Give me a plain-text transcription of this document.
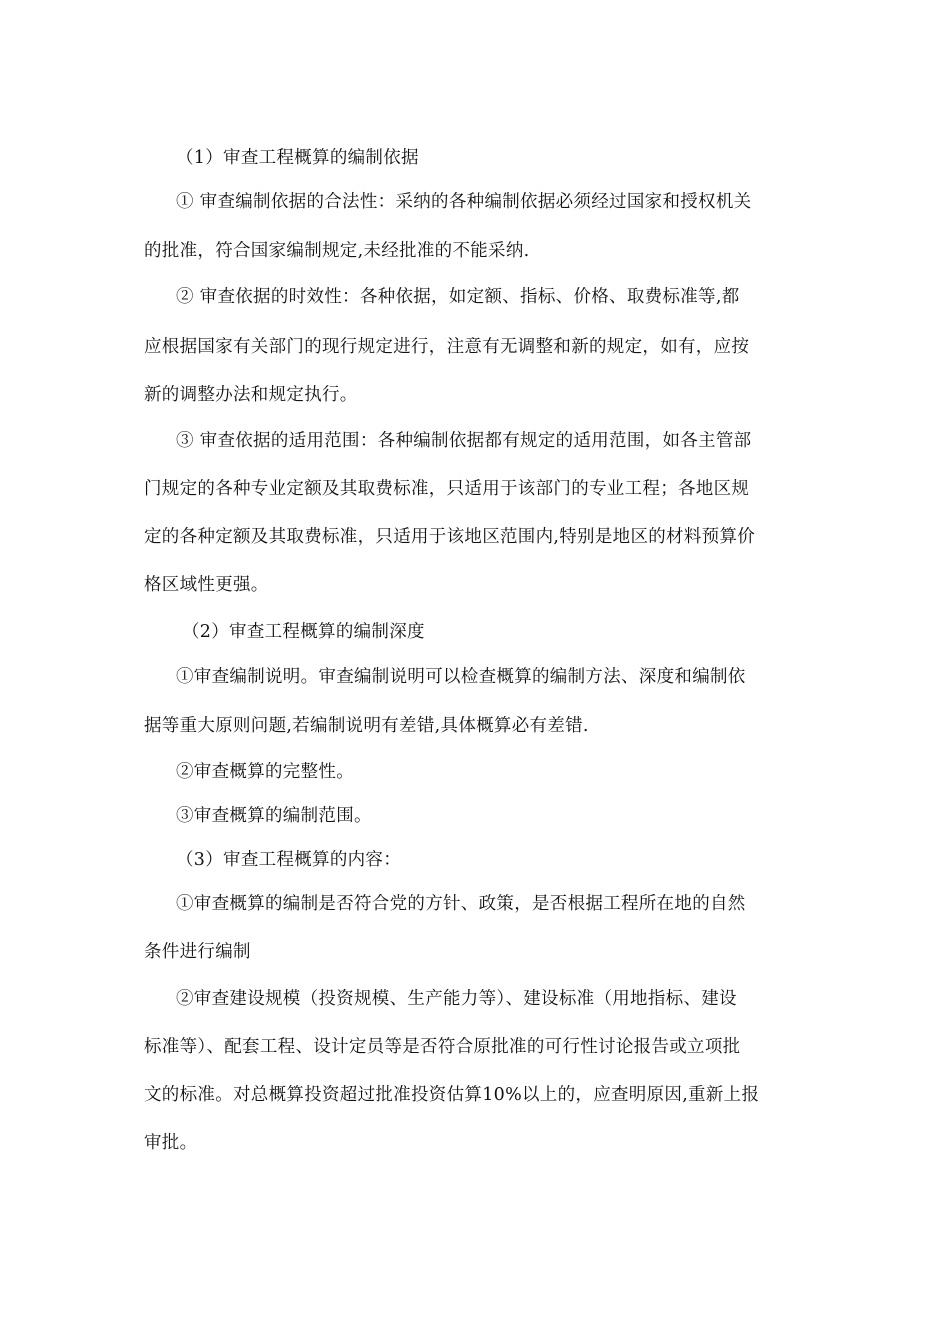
（1）审查工程概算的编制依据
① 审查编制依据的合法性：采纳的各种编制依据必须经过国家和授权机关
的批准，符合国家编制规定,未经批准的不能采纳.
② 审查依据的时效性：各种依据，如定额、指标、价格、取费标准等,都
应根据国家有关部门的现行规定进行，注意有无调整和新的规定，如有，应按
新的调整办法和规定执行。
③ 审查依据的适用范围：各种编制依据都有规定的适用范围，如各主管部
门规定的各种专业定额及其取费标准，只适用于该部门的专业工程；各地区规
定的各种定额及其取费标准，只适用于该地区范围内,特别是地区的材料预算价
格区域性更强。
（2）审查工程概算的编制深度
①审查编制说明。审查编制说明可以检查概算的编制方法、深度和编制依
据等重大原则问题,若编制说明有差错,具体概算必有差错.
②审查概算的完整性。
③审查概算的编制范围。
（3）审查工程概算的内容：
①审查概算的编制是否符合党的方针、政策，是否根据工程所在地的自然
条件进行编制
②审查建设规模（投资规模、生产能力等）、建设标准（用地指标、建设
标准等）、配套工程、设计定员等是否符合原批准的可行性讨论报告或立项批
文的标准。对总概算投资超过批准投资估算10%以上的，应查明原因,重新上报
审批。
